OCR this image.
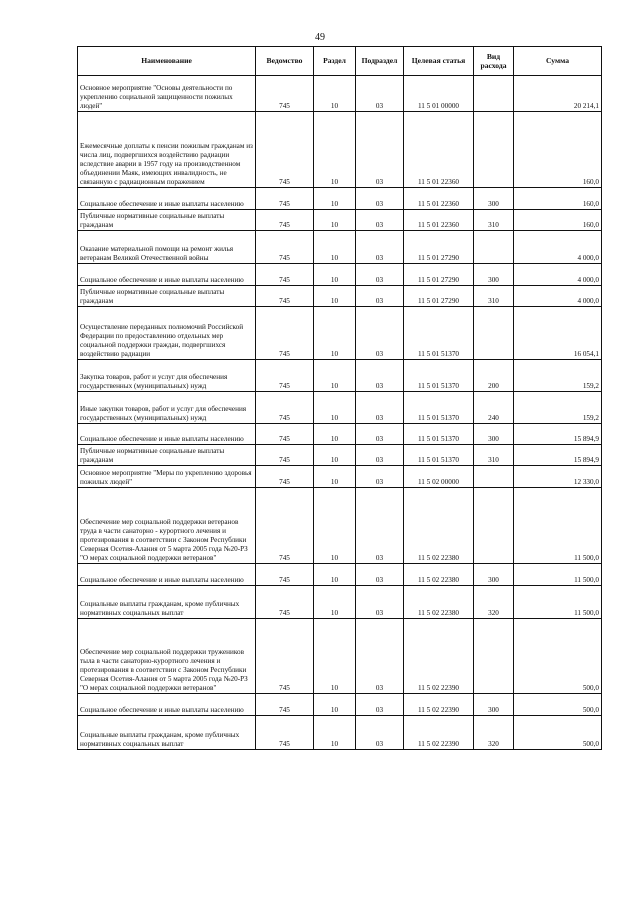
49
Наименование	Ведомство	Раздел	Подраздел	Целевая статья	Вид расхода	Сумма
Основное мероприятие "Основы деятельности по укреплению социальной защищенности пожилых людей"	745	10	03	11 5 01 00000		20 214,1
Ежемесячные доплаты к пенсии пожилым гражданам из числа лиц, подвергшихся воздействию радиации вследствие аварии в 1957 году на производственном объединении Маяк, имеющих инвалидность, не связанную с радиационным поражением	745	10	03	11 5 01 22360		160,0
Социальное обеспечение и иные выплаты населению	745	10	03	11 5 01 22360	300	160,0
Публичные нормативные социальные выплаты гражданам	745	10	03	11 5 01 22360	310	160,0
Оказание материальной помощи на ремонт жилья ветеранам Великой Отечественной войны	745	10	03	11 5 01 27290		4 000,0
Социальное обеспечение и иные выплаты населению	745	10	03	11 5 01 27290	300	4 000,0
Публичные нормативные социальные выплаты гражданам	745	10	03	11 5 01 27290	310	4 000,0
Осуществление переданных полномочий Российской Федерации по предоставлению отдельных мер социальной поддержки граждан, подвергшихся воздействию радиации	745	10	03	11 5 01 51370		16 054,1
Закупка товаров, работ и услуг для обеспечения государственных (муниципальных) нужд	745	10	03	11 5 01 51370	200	159,2
Иные закупки товаров, работ и услуг для обеспечения государственных (муниципальных) нужд	745	10	03	11 5 01 51370	240	159,2
Социальное обеспечение и иные выплаты населению	745	10	03	11 5 01 51370	300	15 894,9
Публичные нормативные социальные выплаты гражданам	745	10	03	11 5 01 51370	310	15 894,9
Основное мероприятие "Меры по укреплению здоровья пожилых людей"	745	10	03	11 5 02 00000		12 330,0
Обеспечение мер социальной поддержки ветеранов труда в части санаторно - курортного лечения и протезирования в соответствии с Законом Республики Северная Осетия-Алания от 5 марта 2005 года №20-РЗ "О мерах социальной поддержки ветеранов"	745	10	03	11 5 02 22380		11 500,0
Социальное обеспечение и иные выплаты населению	745	10	03	11 5 02 22380	300	11 500,0
Социальные выплаты гражданам, кроме публичных нормативных социальных выплат	745	10	03	11 5 02 22380	320	11 500,0
Обеспечение мер социальной поддержки тружеников тыла в части санаторно-курортного лечения и протезирования в соответствии с Законом Республики Северная Осетия-Алания от 5 марта 2005 года №20-РЗ "О мерах социальной поддержки ветеранов"	745	10	03	11 5 02 22390		500,0
Социальное обеспечение и иные выплаты населению	745	10	03	11 5 02 22390	300	500,0
Социальные выплаты гражданам, кроме публичных нормативных социальных выплат	745	10	03	11 5 02 22390	320	500,0
